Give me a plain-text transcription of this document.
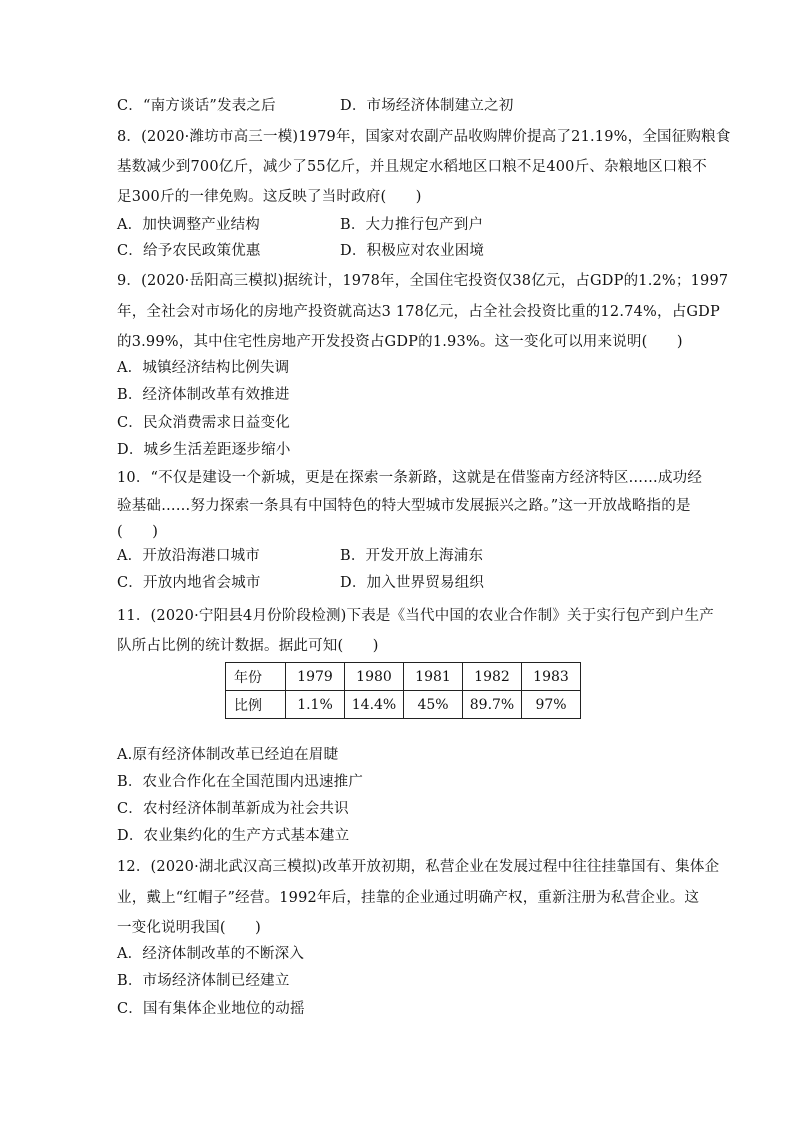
C．“南方谈话”发表之后	D．市场经济体制建立之初
8．(2020·潍坊市高三一模)1979年，国家对农副产品收购牌价提高了21.19%，全国征购粮食
基数减少到700亿斤，减少了55亿斤，并且规定水稻地区口粮不足400斤、杂粮地区口粮不
足300斤的一律免购。这反映了当时政府(　　)
A．加快调整产业结构	B．大力推行包产到户
C．给予农民政策优惠	D．积极应对农业困境
9．(2020·岳阳高三模拟)据统计，1978年，全国住宅投资仅38亿元，占GDP的1.2%；1997
年，全社会对市场化的房地产投资就高达3 178亿元，占全社会投资比重的12.74%，占GDP
的3.99%，其中住宅性房地产开发投资占GDP的1.93%。这一变化可以用来说明(　　)
A．城镇经济结构比例失调
B．经济体制改革有效推进
C．民众消费需求日益变化
D．城乡生活差距逐步缩小
10．“不仅是建设一个新城，更是在探索一条新路，这就是在借鉴南方经济特区……成功经
验基础……努力探索一条具有中国特色的特大型城市发展振兴之路。”这一开放战略指的是
(　　)
A．开放沿海港口城市	B．开发开放上海浦东
C．开放内地省会城市	D．加入世界贸易组织
11．(2020·宁阳县4月份阶段检测)下表是《当代中国的农业合作制》关于实行包产到户生产
队所占比例的统计数据。据此可知(　　)
年份	1979	1980	1981	1982	1983
比例	1.1%	14.4%	45%	89.7%	97%
A.原有经济体制改革已经迫在眉睫
B．农业合作化在全国范围内迅速推广
C．农村经济体制革新成为社会共识
D．农业集约化的生产方式基本建立
12．(2020·湖北武汉高三模拟)改革开放初期，私营企业在发展过程中往往挂靠国有、集体企
业，戴上“红帽子”经营。1992年后，挂靠的企业通过明确产权，重新注册为私营企业。这
一变化说明我国(　　)
A．经济体制改革的不断深入
B．市场经济体制已经建立
C．国有集体企业地位的动摇
